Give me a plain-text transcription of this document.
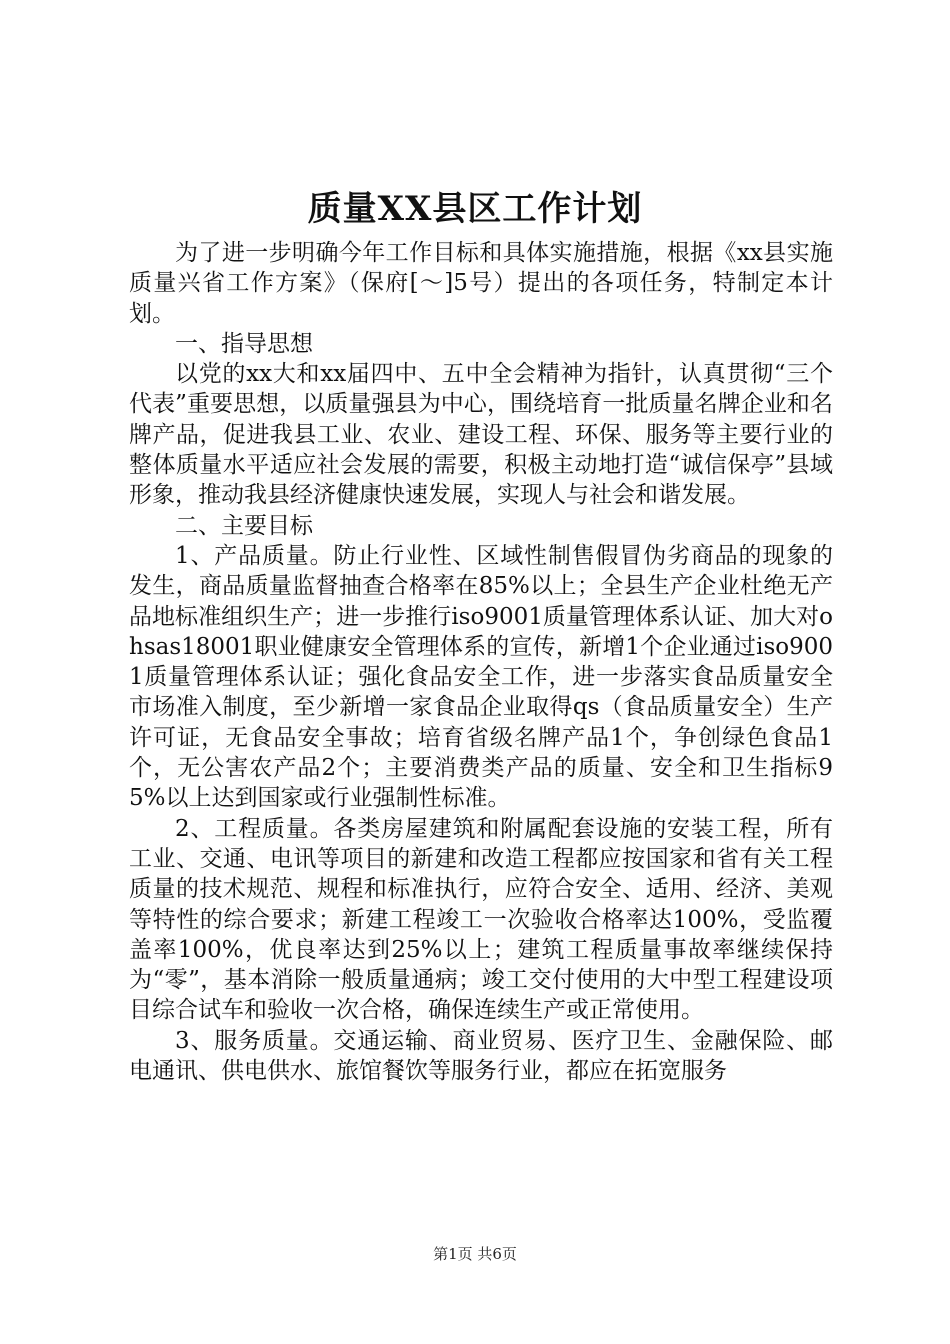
质量XX县区工作计划

为了进一步明确今年工作目标和具体实施措施，根据《xx县实施质量兴省工作方案》（保府[～]5号）提出的各项任务，特制定本计划。

一、指导思想

以党的xx大和xx届四中、五中全会精神为指针，认真贯彻“三个代表”重要思想，以质量强县为中心，围绕培育一批质量名牌企业和名牌产品，促进我县工业、农业、建设工程、环保、服务等主要行业的整体质量水平适应社会发展的需要，积极主动地打造“诚信保亭”县域形象，推动我县经济健康快速发展，实现人与社会和谐发展。

二、主要目标

1、产品质量。防止行业性、区域性制售假冒伪劣商品的现象的发生，商品质量监督抽查合格率在85%以上；全县生产企业杜绝无产品地标准组织生产；进一步推行iso9001质量管理体系认证、加大对ohsas18001职业健康安全管理体系的宣传，新增1个企业通过iso9001质量管理体系认证；强化食品安全工作，进一步落实食品质量安全市场准入制度，至少新增一家食品企业取得qs（食品质量安全）生产许可证，无食品安全事故；培育省级名牌产品1个，争创绿色食品1个，无公害农产品2个；主要消费类产品的质量、安全和卫生指标95%以上达到国家或行业强制性标准。

2、工程质量。各类房屋建筑和附属配套设施的安装工程，所有工业、交通、电讯等项目的新建和改造工程都应按国家和省有关工程质量的技术规范、规程和标准执行，应符合安全、适用、经济、美观等特性的综合要求；新建工程竣工一次验收合格率达100%，受监覆盖率100%，优良率达到25%以上；建筑工程质量事故率继续保持为“零”，基本消除一般质量通病；竣工交付使用的大中型工程建设项目综合试车和验收一次合格，确保连续生产或正常使用。

3、服务质量。交通运输、商业贸易、医疗卫生、金融保险、邮电通讯、供电供水、旅馆餐饮等服务行业，都应在拓宽服务

第1页 共6页
